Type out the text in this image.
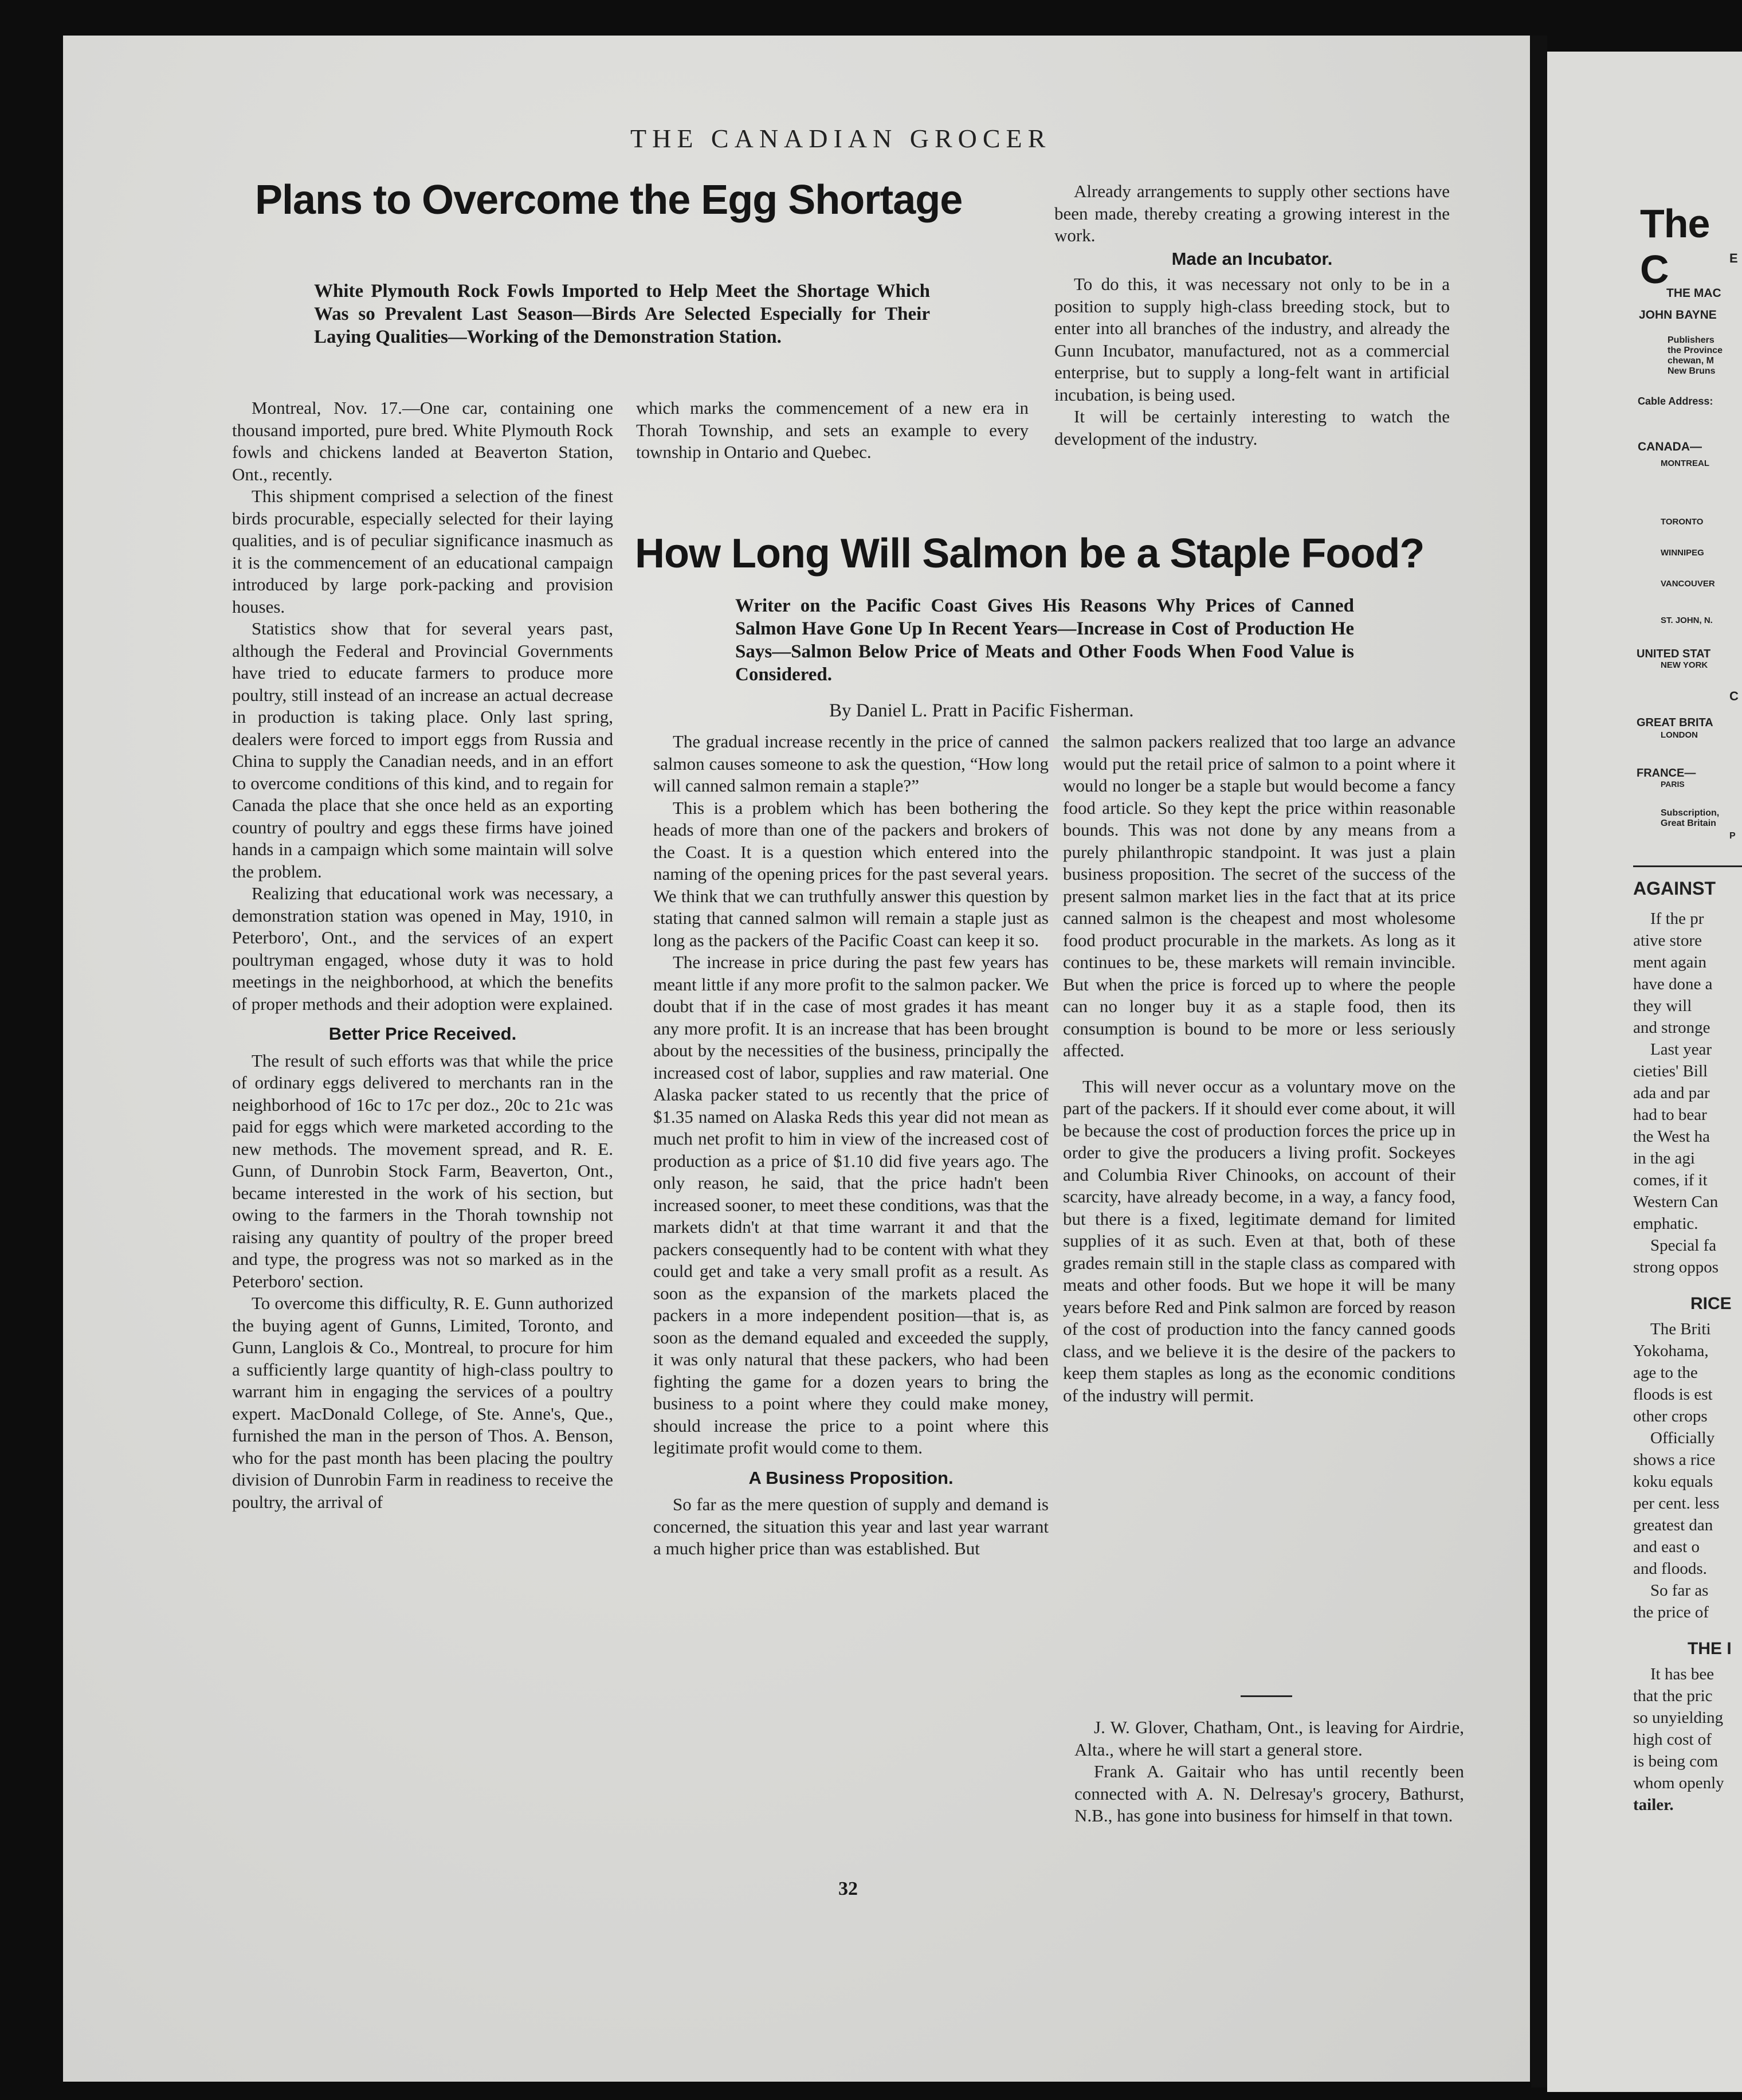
THE CANADIAN GROCER
Plans to Overcome the Egg Shortage
White Plymouth Rock Fowls Imported to Help Meet the Shortage Which Was so Prevalent Last Season—Birds Are Selected Especially for Their Laying Qualities—Working of the Demonstration Station.

Montreal, Nov. 17.—One car, containing one thousand imported, pure bred. White Plymouth Rock fowls and chickens landed at Beaverton Station, Ont., recently.

This shipment comprised a selection of the finest birds procurable, especially selected for their laying qualities, and is of peculiar significance inasmuch as it is the commencement of an educational campaign introduced by large pork-packing and provision houses.

Statistics show that for several years past, although the Federal and Provincial Governments have tried to educate farmers to produce more poultry, still instead of an increase an actual decrease in production is taking place. Only last spring, dealers were forced to import eggs from Russia and China to supply the Canadian needs, and in an effort to overcome conditions of this kind, and to regain for Canada the place that she once held as an exporting country of poultry and eggs these firms have joined hands in a campaign which some maintain will solve the problem.

Realizing that educational work was necessary, a demonstration station was opened in May, 1910, in Peterboro', Ont., and the services of an expert poultryman engaged, whose duty it was to hold meetings in the neighborhood, at which the benefits of proper methods and their adoption were explained.

Better Price Received.

The result of such efforts was that while the price of ordinary eggs delivered to merchants ran in the neighborhood of 16c to 17c per doz., 20c to 21c was paid for eggs which were marketed according to the new methods. The movement spread, and R. E. Gunn, of Dunrobin Stock Farm, Beaverton, Ont., became interested in the work of his section, but owing to the farmers in the Thorah township not raising any quantity of poultry of the proper breed and type, the progress was not so marked as in the Peterboro' section.

To overcome this difficulty, R. E. Gunn authorized the buying agent of Gunns, Limited, Toronto, and Gunn, Langlois & Co., Montreal, to procure for him a sufficiently large quantity of high-class poultry to warrant him in engaging the services of a poultry expert. MacDonald College, of Ste. Anne's, Que., furnished the man in the person of Thos. A. Benson, who for the past month has been placing the poultry division of Dunrobin Farm in readiness to receive the poultry, the arrival of

which marks the commencement of a new era in Thorah Township, and sets an example to every township in Ontario and Quebec.

Already arrangements to supply other sections have been made, thereby creating a growing interest in the work.

Made an Incubator.

To do this, it was necessary not only to be in a position to supply high-class breeding stock, but to enter into all branches of the industry, and already the Gunn Incubator, manufactured, not as a commercial enterprise, but to supply a long-felt want in artificial incubation, is being used.

It will be certainly interesting to watch the development of the industry.

How Long Will Salmon be a Staple Food?
Writer on the Pacific Coast Gives His Reasons Why Prices of Canned Salmon Have Gone Up In Recent Years—Increase in Cost of Production He Says—Salmon Below Price of Meats and Other Foods When Food Value is Considered.
By Daniel L. Pratt in Pacific Fisherman.

The gradual increase recently in the price of canned salmon causes someone to ask the question, “How long will canned salmon remain a staple?”

This is a problem which has been bothering the heads of more than one of the packers and brokers of the Coast. It is a question which entered into the naming of the opening prices for the past several years. We think that we can truthfully answer this question by stating that canned salmon will remain a staple just as long as the packers of the Pacific Coast can keep it so.

The increase in price during the past few years has meant little if any more profit to the salmon packer. We doubt that if in the case of most grades it has meant any more profit. It is an increase that has been brought about by the necessities of the business, principally the increased cost of labor, supplies and raw material. One Alaska packer stated to us recently that the price of $1.35 named on Alaska Reds this year did not mean as much net profit to him in view of the increased cost of production as a price of $1.10 did five years ago. The only reason, he said, that the price hadn't been increased sooner, to meet these conditions, was that the markets didn't at that time warrant it and that the packers consequently had to be content with what they could get and take a very small profit as a result. As soon as the expansion of the markets placed the packers in a more independent position—that is, as soon as the demand equaled and exceeded the supply, it was only natural that these packers, who had been fighting the game for a dozen years to bring the business to a point where they could make money, should increase the price to a point where this legitimate profit would come to them.

A Business Proposition.

So far as the mere question of supply and demand is concerned, the situation this year and last year warrant a much higher price than was established. But

the salmon packers realized that too large an advance would put the retail price of salmon to a point where it would no longer be a staple but would become a fancy food article. So they kept the price within reasonable bounds. This was not done by any means from a purely philanthropic standpoint. It was just a plain business proposition. The secret of the success of the present salmon market lies in the fact that at its price canned salmon is the cheapest and most wholesome food product procurable in the markets. As long as it continues to be, these markets will remain invincible. But when the price is forced up to where the people can no longer buy it as a staple food, then its consumption is bound to be more or less seriously affected.

This will never occur as a voluntary move on the part of the packers. If it should ever come about, it will be because the cost of production forces the price up in order to give the producers a living profit. Sockeyes and Columbia River Chinooks, on account of their scarcity, have already become, in a way, a fancy food, but there is a fixed, legitimate demand for limited supplies of it as such. Even at that, both of these grades remain still in the staple class as compared with meats and other foods. But we hope it will be many years before Red and Pink salmon are forced by reason of the cost of production into the fancy canned goods class, and we believe it is the desire of the packers to keep them staples as long as the economic conditions of the industry will permit.

J. W. Glover, Chatham, Ont., is leaving for Airdrie, Alta., where he will start a general store.

Frank A. Gaitair who has until recently been connected with A. N. Delresay's grocery, Bathurst, N.B., has gone into business for himself in that town.

32
The C	E
THE MAC
JOHN BAYNE
Publishers
the Province
chewan, M
New Bruns
Cable Address:
CANADA—
MONTREAL
TORONTO
WINNIPEG
VANCOUVER
ST. JOHN, N.
UNITED STAT
NEW YORK
C
GREAT BRITA
LONDON
FRANCE—
PARIS
Subscription,
Great Britain
P
AGAINST
If the pr
ative store
ment again
have done a
they will
and stronge
Last year
cieties' Bill
ada and par
had to bear
the West ha
in the agi
comes, if it
Western Can
emphatic.
Special fa
strong oppos
RICE
The Briti
Yokohama,
age to the
floods is est
other crops
Officially
shows a rice
koku equals
per cent. less
greatest dan
and east o
and floods.
So far as
the price of
THE I
It has bee
that the pric
so unyielding
high cost of
is being com
whom openly
tailer.
